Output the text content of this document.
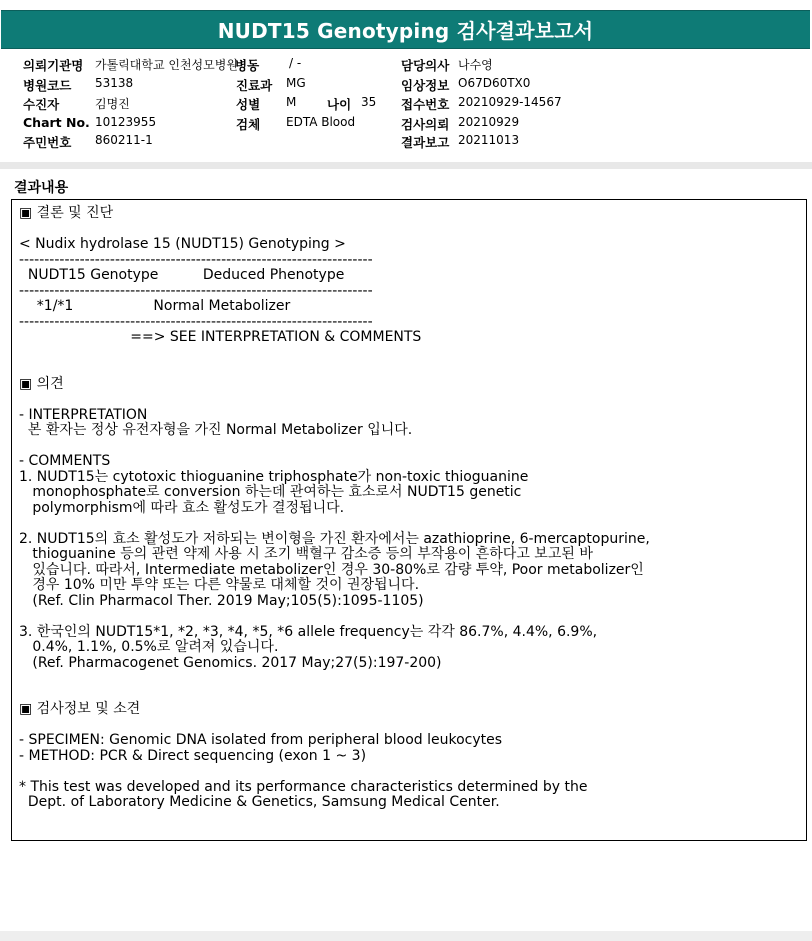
NUDT15 Genotyping 검사결과보고서
의뢰기관명 가톨릭대학교 인천성모병원
병원코드 53138
수진자	김명진
Chart No. 10123955
주민번호 860211-1
병동 / -
진료과 MG
성별 M 나이 35
검체 EDTA Blood
담당의사 나수영
임상정보 O67D60TX0
접수번호 20210929-14567
검사의뢰 20210929
결과보고 20211013
결과내용
▣ 결론 및 진단
< Nudix hydrolase 15 (NUDT15) Genotyping >
----------------------------------------------------------------------
NUDT15 Genotype          Deduced Phenotype
----------------------------------------------------------------------
*1/*1                  Normal Metabolizer
----------------------------------------------------------------------
==> SEE INTERPRETATION & COMMENTS
▣ 의견
- INTERPRETATION
본 환자는 정상 유전자형을 가진 Normal Metabolizer 입니다.
- COMMENTS
1. NUDT15는 cytotoxic thioguanine triphosphate가 non-toxic thioguanine
monophosphate로 conversion 하는데 관여하는 효소로서 NUDT15 genetic
polymorphism에 따라 효소 활성도가 결정됩니다.
2. NUDT15의 효소 활성도가 저하되는 변이형을 가진 환자에서는 azathioprine, 6-mercaptopurine,
thioguanine 등의 관련 약제 사용 시 조기 백혈구 감소증 등의 부작용이 흔하다고 보고된 바
있습니다. 따라서, Intermediate metabolizer인 경우 30-80%로 감량 투약, Poor metabolizer인
경우 10% 미만 투약 또는 다른 약물로 대체할 것이 권장됩니다.
(Ref. Clin Pharmacol Ther. 2019 May;105(5):1095-1105)
3. 한국인의 NUDT15*1, *2, *3, *4, *5, *6 allele frequency는 각각 86.7%, 4.4%, 6.9%,
0.4%, 1.1%, 0.5%로 알려져 있습니다.
(Ref. Pharmacogenet Genomics. 2017 May;27(5):197-200)
▣ 검사정보 및 소견
- SPECIMEN: Genomic DNA isolated from peripheral blood leukocytes
- METHOD: PCR & Direct sequencing (exon 1 ~ 3)
* This test was developed and its performance characteristics determined by the
Dept. of Laboratory Medicine & Genetics, Samsung Medical Center.
